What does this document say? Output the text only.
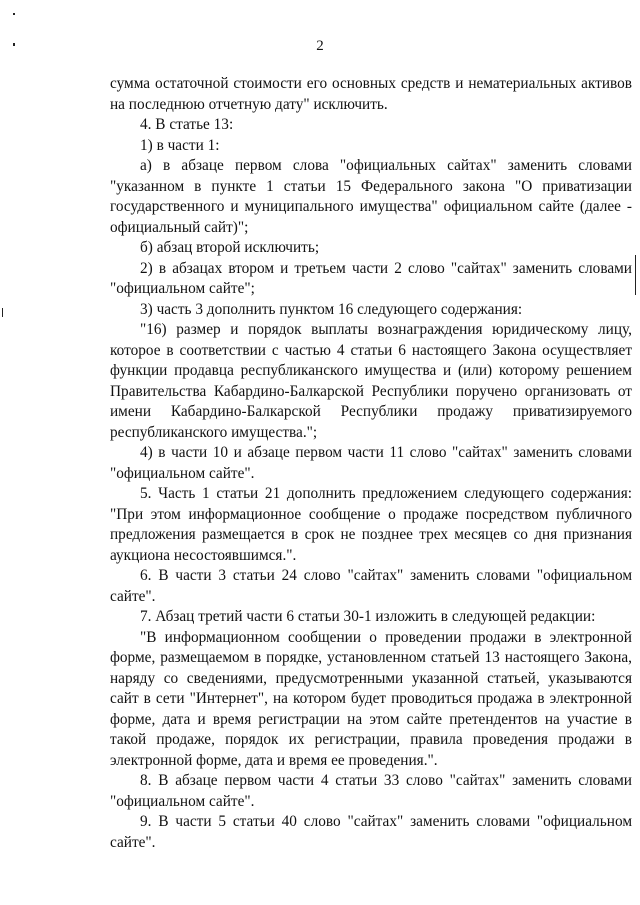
2

сумма остаточной стоимости его основных средств и нематериальных активов на последнюю отчетную дату" исключить.

4. В статье 13:

1) в части 1:

а) в абзаце первом слова "официальных сайтах" заменить словами "указанном в пункте 1 статьи 15 Федерального закона "О приватизации государственного и муниципального имущества" официальном сайте (далее - официальный сайт)";

б) абзац второй исключить;

2) в абзацах втором и третьем части 2 слово "сайтах" заменить словами "официальном сайте";

3) часть 3 дополнить пунктом 16 следующего содержания:

"16) размер и порядок выплаты вознаграждения юридическому лицу, которое в соответствии с частью 4 статьи 6 настоящего Закона осуществляет функции продавца республиканского имущества и (или) которому решением Правительства Кабардино-Балкарской Республики поручено организовать от имени Кабардино-Балкарской Республики продажу приватизируемого республиканского имущества.";

4) в части 10 и абзаце первом части 11 слово "сайтах" заменить словами "официальном сайте".

5. Часть 1 статьи 21 дополнить предложением следующего содержания: "При этом информационное сообщение о продаже посредством публичного предложения размещается в срок не позднее трех месяцев со дня признания аукциона несостоявшимся.".

6. В части 3 статьи 24 слово "сайтах" заменить словами "официальном сайте".

7. Абзац третий части 6 статьи 30-1 изложить в следующей редакции:

"В информационном сообщении о проведении продажи в электронной форме, размещаемом в порядке, установленном статьей 13 настоящего Закона, наряду со сведениями, предусмотренными указанной статьей, указываются сайт в сети "Интернет", на котором будет проводиться продажа в электронной форме, дата и время регистрации на этом сайте претендентов на участие в такой продаже, порядок их регистрации, правила проведения продажи в электронной форме, дата и время ее проведения.".

8. В абзаце первом части 4 статьи 33 слово "сайтах" заменить словами "официальном сайте".

9. В части 5 статьи 40 слово "сайтах" заменить словами "официальном сайте".
